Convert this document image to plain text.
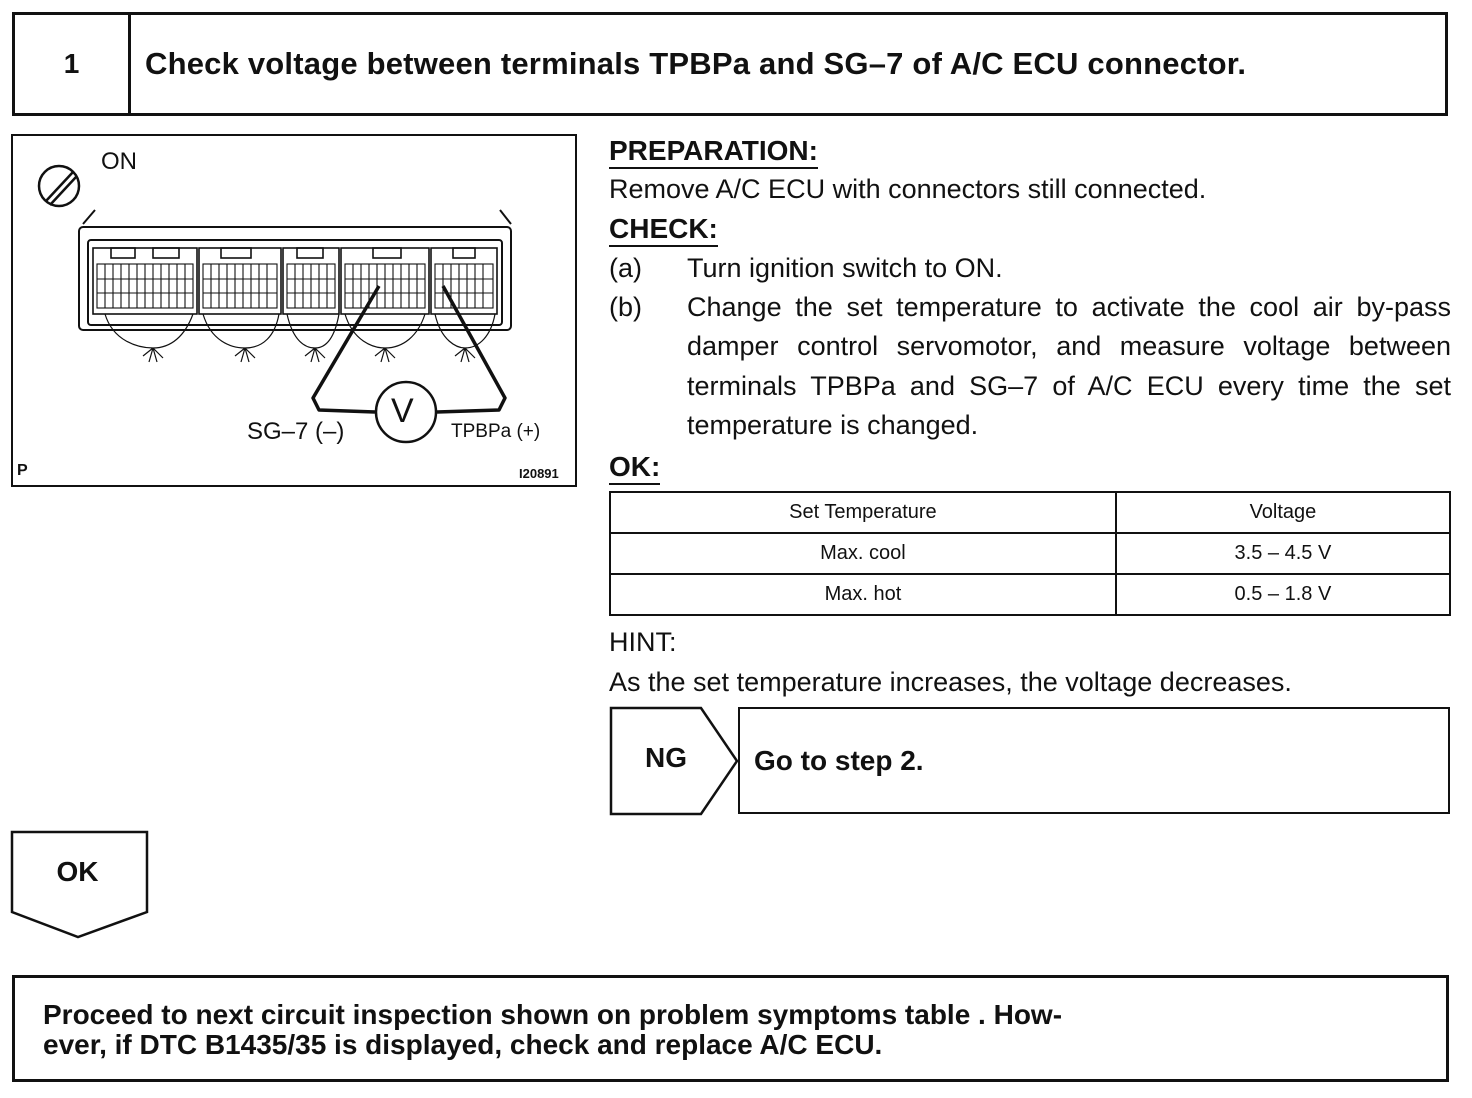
1	Check voltage between terminals TPBPa and SG–7 of A/C ECU connector.
ON
V
SG–7 (–)	TPBPa (+)
P	I20891
PREPARATION:
Remove A/C ECU with connectors still connected.
CHECK:
(a) Turn ignition switch to ON.
(b) Change the set temperature to activate the cool air by-pass damper control servomotor, and measure voltage between terminals TPBPa and SG–7 of A/C ECU every time the set temperature is changed.
OK:
Set Temperature	Voltage
Max. cool	3.5 – 4.5 V
Max. hot	0.5 – 1.8 V
HINT:
As the set temperature increases, the voltage decreases.
NG	Go to step 2.
OK
Proceed to next circuit inspection shown on problem symptoms table . How-
ever, if DTC B1435/35 is displayed, check and replace A/C ECU.
